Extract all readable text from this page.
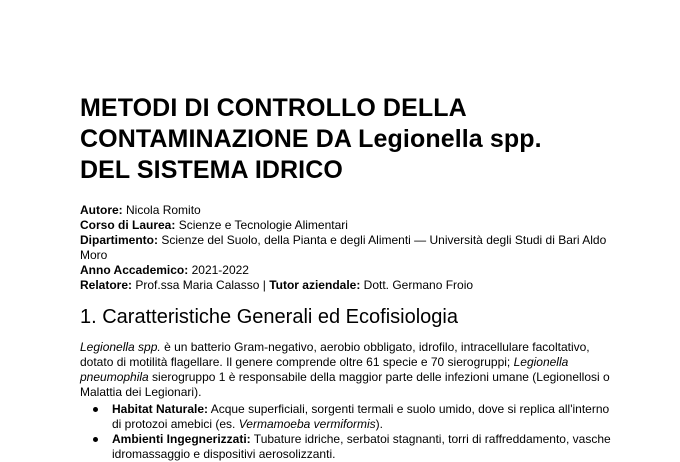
METODI DI CONTROLLO DELLA
CONTAMINAZIONE DA Legionella spp.
DEL SISTEMA IDRICO

Autore: Nicola Romito

Corso di Laurea: Scienze e Tecnologie Alimentari

Dipartimento: Scienze del Suolo, della Pianta e degli Alimenti — Università degli Studi di Bari Aldo Moro

Anno Accademico: 2021-2022

Relatore: Prof.ssa Maria Calasso | Tutor aziendale: Dott. Germano Froio

1. Caratteristiche Generali ed Ecofisiologia

Legionella spp. è un batterio Gram-negativo, aerobio obbligato, idrofilo, intracellulare facoltativo, dotato di motilità flagellare. Il genere comprende oltre 61 specie e 70 sierogruppi; Legionella pneumophila sierogruppo 1 è responsabile della maggior parte delle infezioni umane (Legionellosi o Malattia dei Legionari).

Habitat Naturale: Acque superficiali, sorgenti termali e suolo umido, dove si replica all'interno di protozoi amebici (es. Vermamoeba vermiformis).
Ambienti Ingegnerizzati: Tubature idriche, serbatoi stagnanti, torri di raffreddamento, vasche idromassaggio e dispositivi aerosolizzanti.
